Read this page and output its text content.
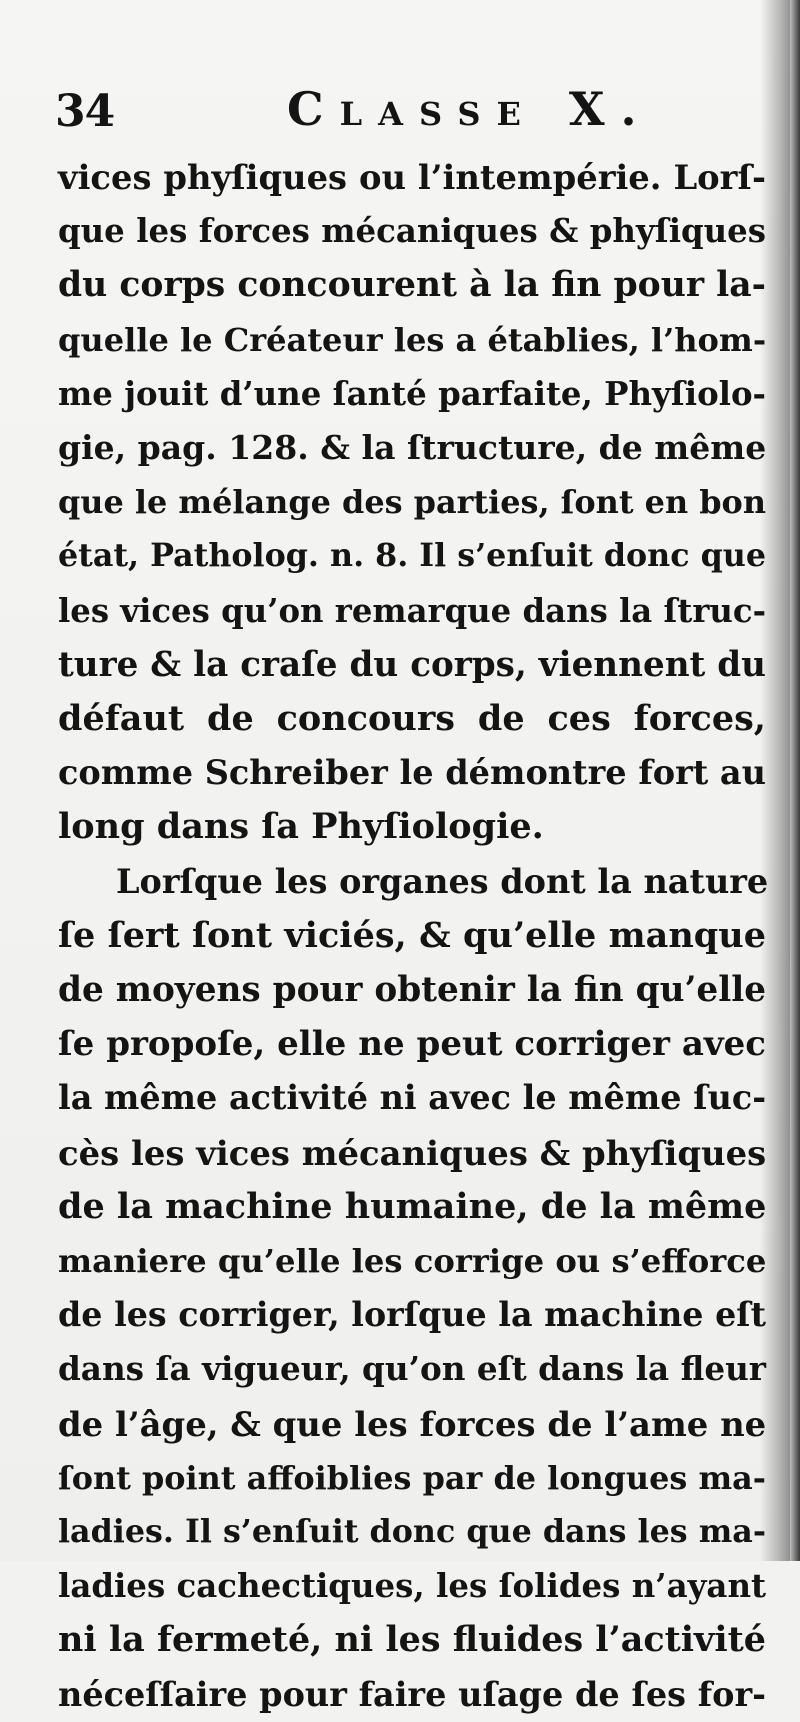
34	Classe X.
vices phyſiques ou l’intempérie. Lorſ-
que les forces mécaniques & phyſiques
du corps concourent à la fin pour la-
quelle le Créateur les a établies, l’hom-
me jouit d’une ſanté parfaite, Phyſiolo-
gie, pag. 128. & la ſtructure, de même
que le mélange des parties, ſont en bon
état, Patholog. n. 8. Il s’enſuit donc que
les vices qu’on remarque dans la ſtruc-
ture & la craſe du corps, viennent du
défaut de concours de ces forces,
comme Schreiber le démontre fort au
long dans ſa Phyſiologie.
Lorſque les organes dont la nature
ſe ſert ſont viciés, & qu’elle manque
de moyens pour obtenir la fin qu’elle
ſe propoſe, elle ne peut corriger avec
la même activité ni avec le même ſuc-
cès les vices mécaniques & phyſiques
de la machine humaine, de la même
maniere qu’elle les corrige ou s’efforce
de les corriger, lorſque la machine eſt
dans ſa vigueur, qu’on eſt dans la fleur
de l’âge, & que les forces de l’ame ne
ſont point affoiblies par de longues ma-
ladies. Il s’enſuit donc que dans les ma-
ladies cachectiques, les ſolides n’ayant
ni la fermeté, ni les fluides l’activité
néceſſaire pour faire uſage de ſes for-
